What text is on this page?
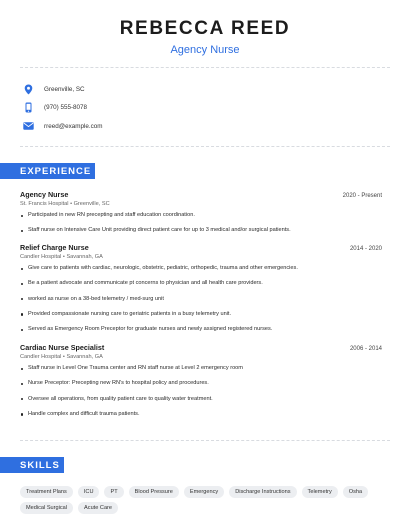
REBECCA REED
Agency Nurse
Greenville, SC
(970) 555-8078
rreed@example.com
EXPERIENCE
Agency Nurse	2020 - Present
St. Francis Hospital • Greenville, SC
Participated in new RN precepting and staff education coordination.
Staff nurse on Intensive Care Unit providing direct patient care for up to 3 medical and/or surgical patients.
Relief Charge Nurse	2014 - 2020
Candler Hospital • Savannah, GA
Give care to patients with cardiac, neurologic, obstetric, pediatric, orthopedic, trauma and other emergencies.
Be a patient advocate and communicate pt concerns to physician and all health care providers.
worked as nurse on a 38-bed telemetry / med-surg unit
Provided compassionate nursing care to geriatric patients in a busy telemetry unit.
Served as Emergency Room Preceptor for graduate nurses and newly assigned registered nurses.
Cardiac Nurse Specialist	2006 - 2014
Candler Hospital • Savannah, GA
Staff nurse in Level One Trauma center and RN staff nurse at Level 2 emergency room
Nurse Preceptor: Precepting new RN's to hospital policy and procedures.
Oversee all operations, from quality patient care to quality water treatment.
Handle complex and difficult trauma patients.
SKILLS
Treatment Plans	ICU	PT	Blood Pressure	Emergency	Discharge Instructions	Telemetry	Osha
Medical Surgical	Acute Care
